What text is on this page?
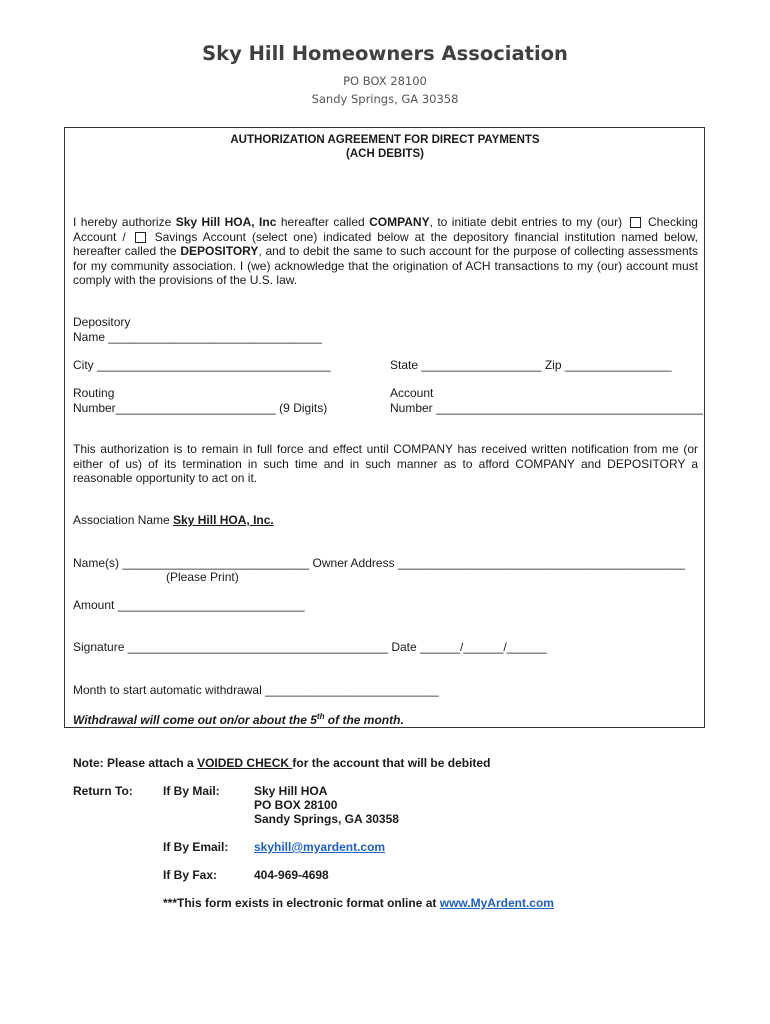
Sky Hill Homeowners Association
PO BOX 28100
Sandy Springs, GA 30358
AUTHORIZATION AGREEMENT FOR DIRECT PAYMENTS
(ACH DEBITS)
I hereby authorize Sky Hill HOA, Inc hereafter called COMPANY, to initiate debit entries to my (our)  Checking Account /  Savings Account (select one) indicated below at the depository financial institution named below, hereafter called the DEPOSITORY, and to debit the same to such account for the purpose of collecting assessments for my community association. I (we) acknowledge that the origination of ACH transactions to my (our) account must comply with the provisions of the U.S. law.
Depository
Name ________________________________
City ___________________________________	State __________________ Zip ________________
Routing
Number________________________ (9 Digits)
Account
Number ________________________________________
This authorization is to remain in full force and effect until COMPANY has received written notification from me (or either of us) of its termination in such time and in such manner as to afford COMPANY and DEPOSITORY a reasonable opportunity to act on it.
Association Name Sky Hill HOA, Inc.
Name(s) ____________________________ Owner Address ___________________________________________
(Please Print)
Amount ____________________________
Signature _______________________________________ Date ______/______/______
Month to start automatic withdrawal __________________________
Withdrawal will come out on/or about the 5th of the month.
Note: Please attach a VOIDED CHECK for the account that will be debited
Return To:	If By Mail:	Sky Hill HOA
PO BOX 28100
Sandy Springs, GA 30358
If By Email: skyhill@myardent.com
If By Fax:	404-969-4698
***This form exists in electronic format online at www.MyArdent.com
